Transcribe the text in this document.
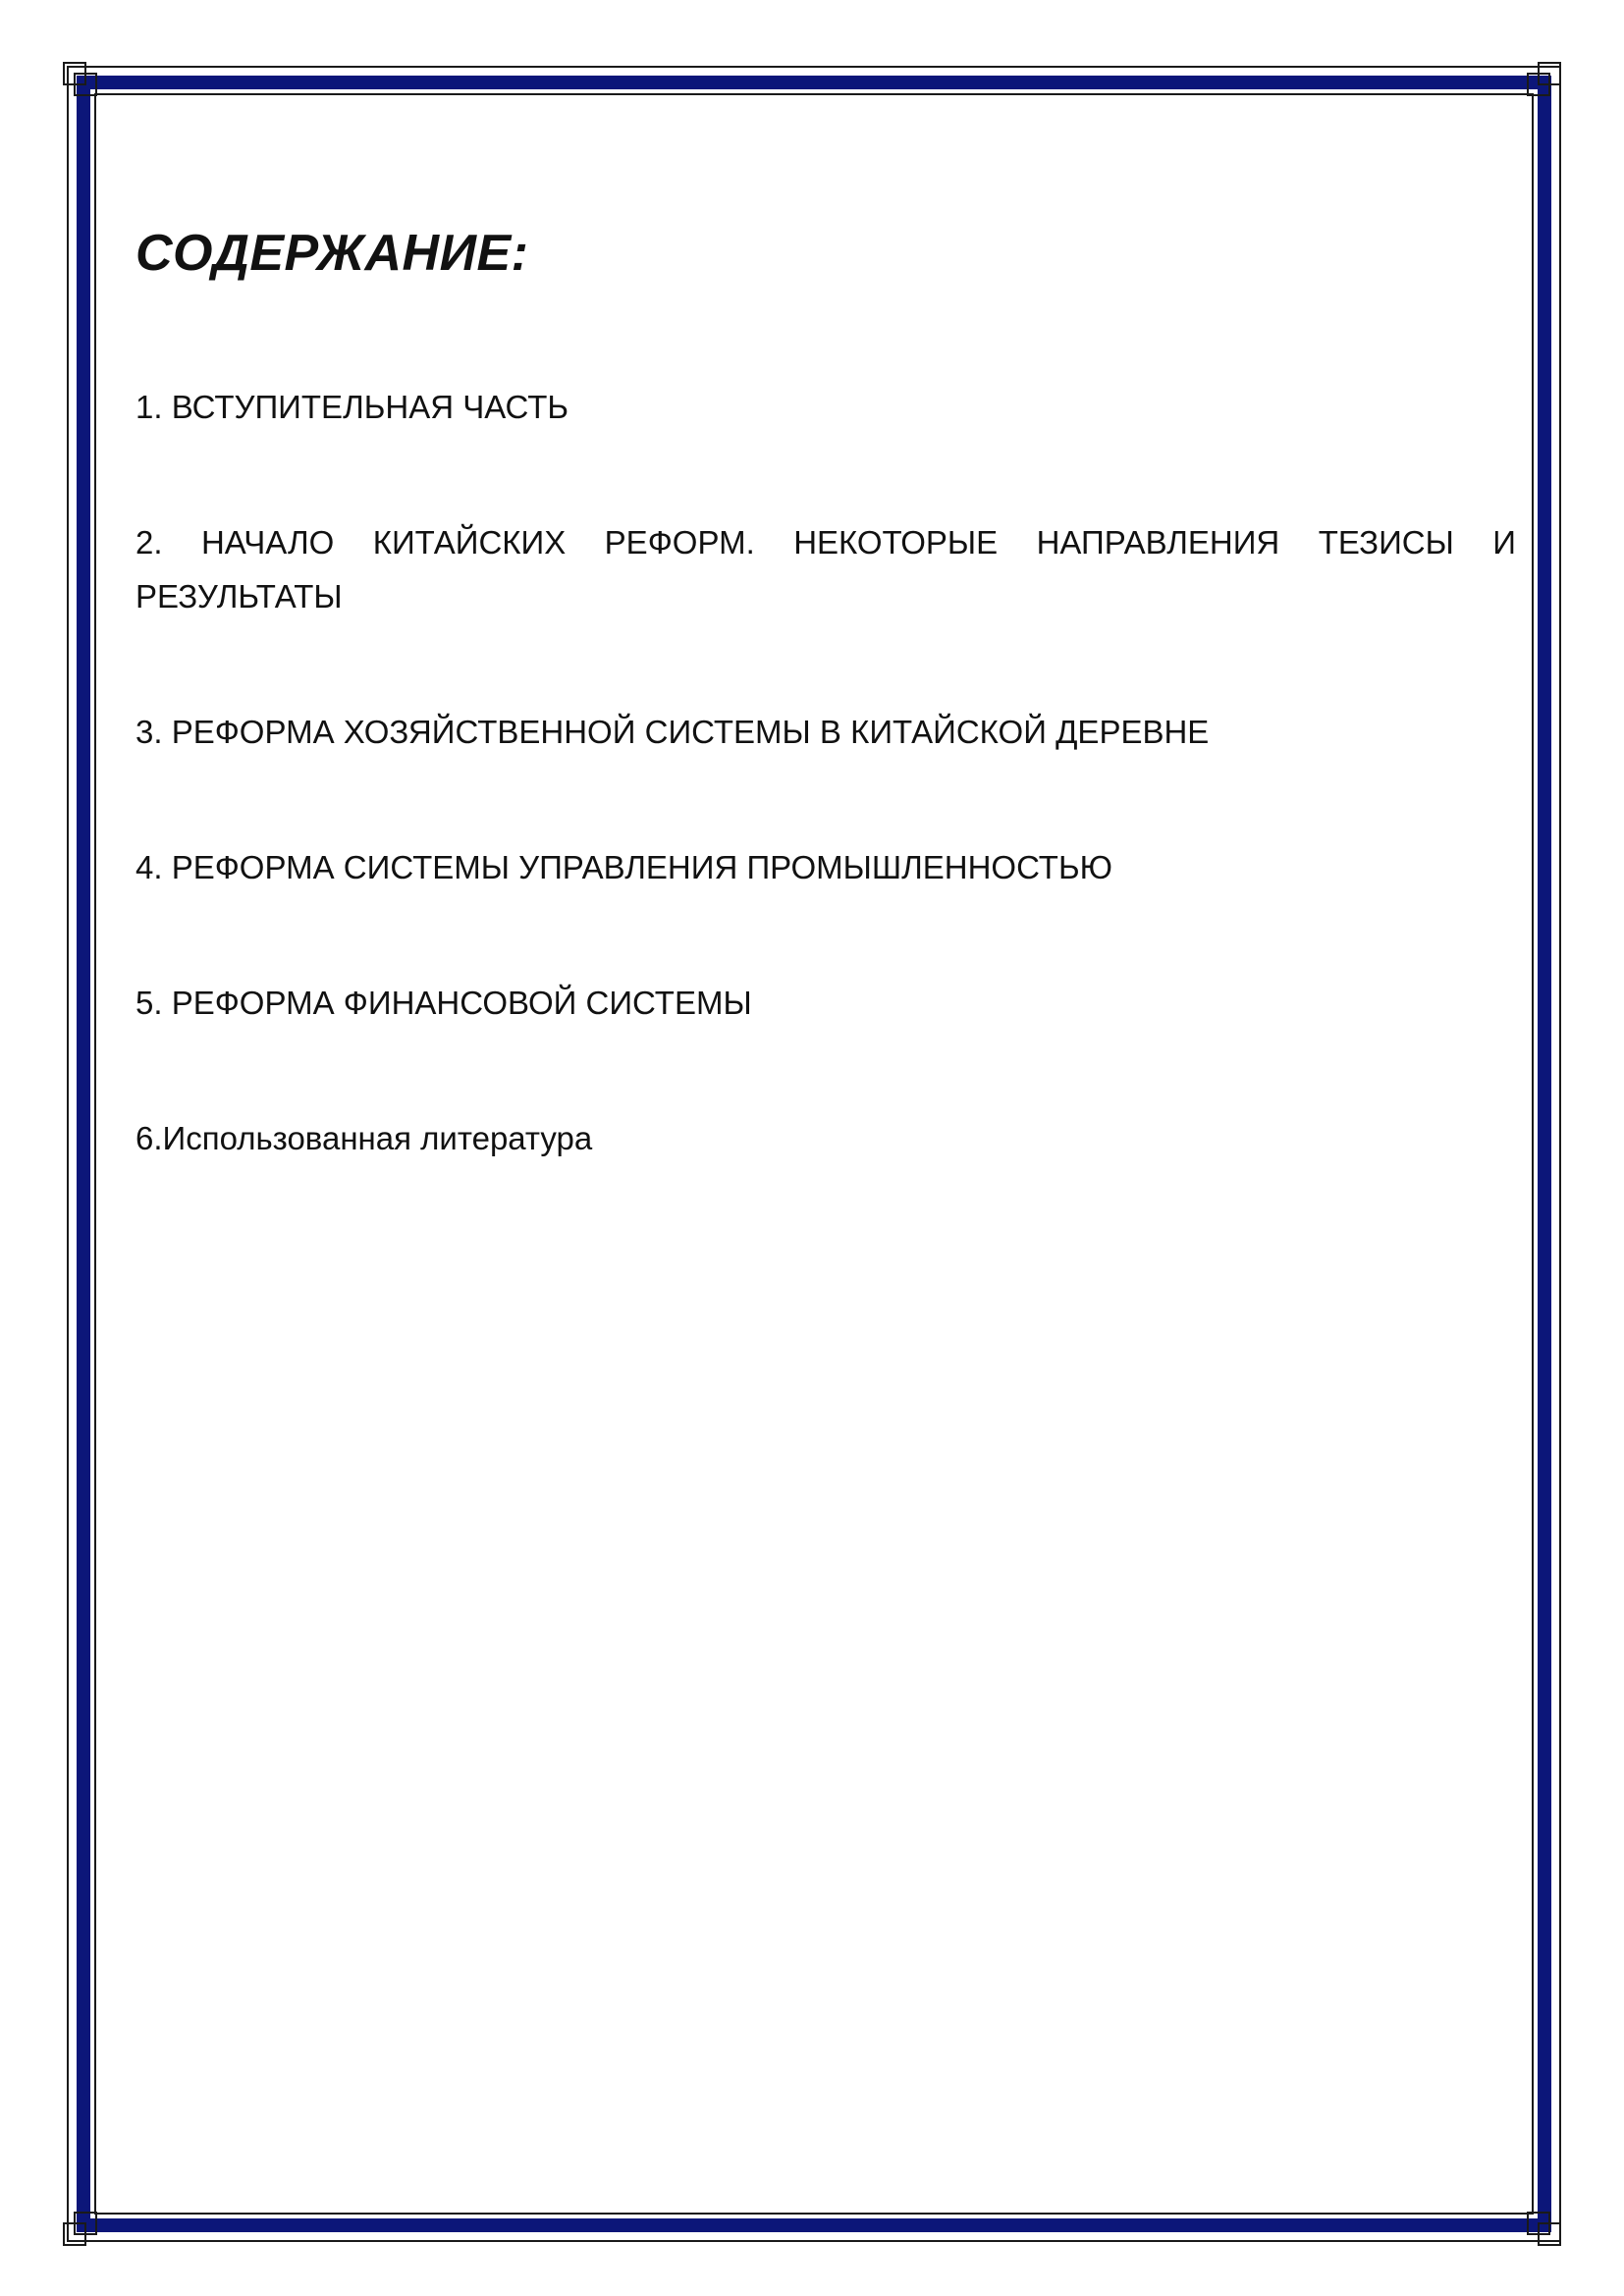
СОДЕРЖАНИЕ:
1. ВСТУПИТЕЛЬНАЯ ЧАСТЬ
2. НАЧАЛО КИТАЙСКИХ РЕФОРМ. НЕКОТОРЫЕ НАПРАВЛЕНИЯ ТЕЗИСЫ И РЕЗУЛЬТАТЫ
3. РЕФОРМА ХОЗЯЙСТВЕННОЙ СИСТЕМЫ В КИТАЙСКОЙ ДЕРЕВНЕ
4. РЕФОРМА СИСТЕМЫ УПРАВЛЕНИЯ ПРОМЫШЛЕННОСТЬЮ
5. РЕФОРМА ФИНАНСОВОЙ СИСТЕМЫ
6.Использованная литература
